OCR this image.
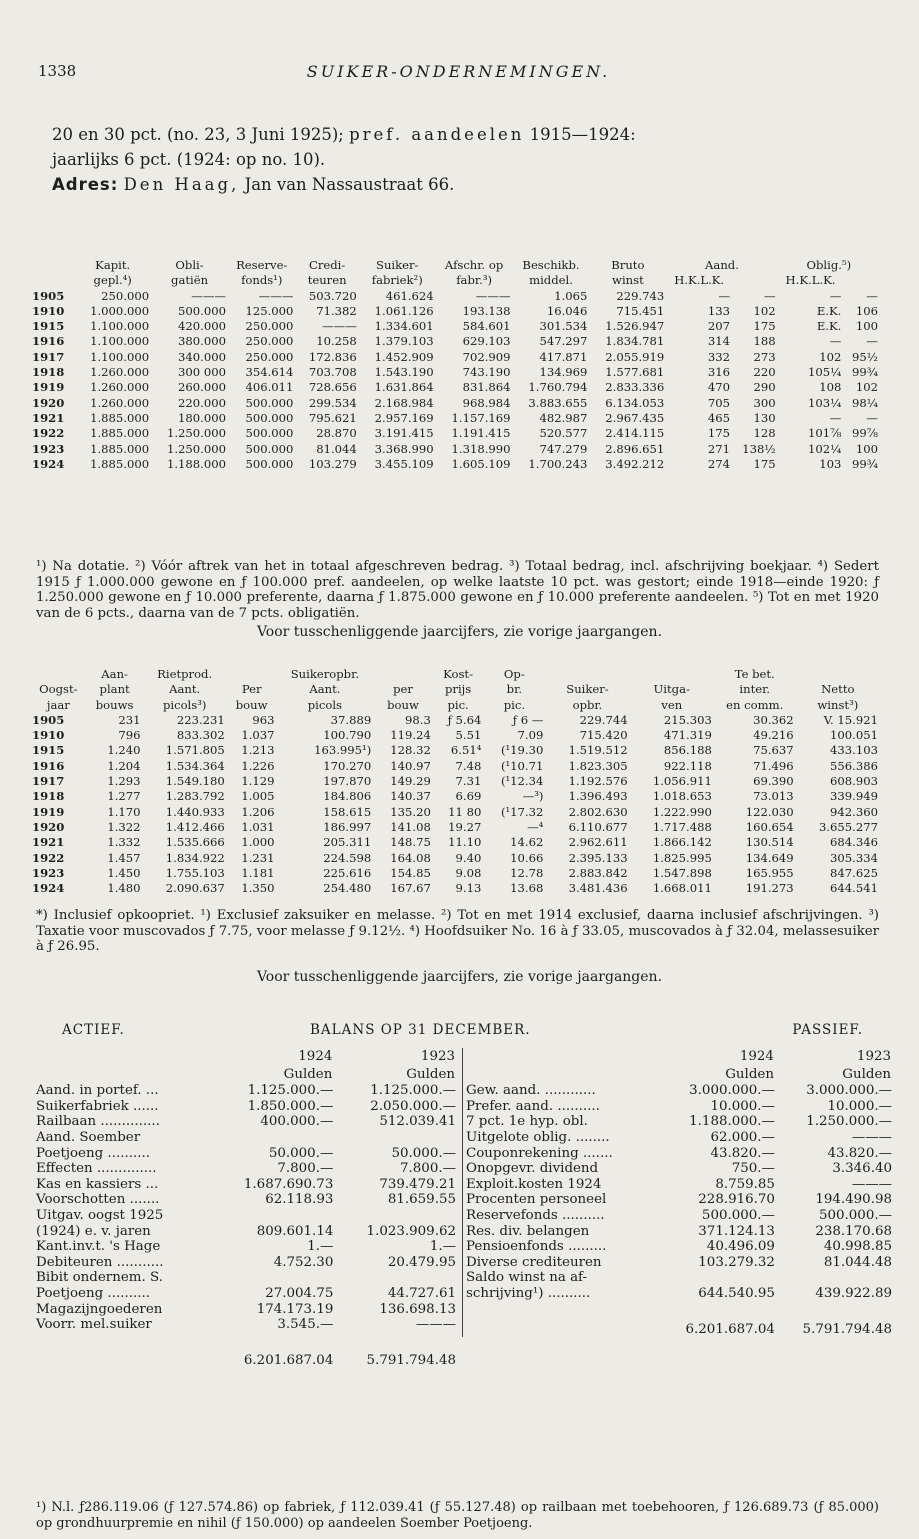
1338	SUIKER-ONDERNEMINGEN.
20 en 30 pct. (no. 23, 3 Juni 1925); pref. aandeelen 1915—1924:
jaarlijks 6 pct. (1924: op no. 10).
Adres: Den Haag, Jan van Nassaustraat 66.
	Kapit.	Obli-	Reserve-	Credi-	Suiker-	Afschr. op	Beschikb.	Bruto	Aand.		Oblig.⁵)	
	gepl.⁴)	gatiën	fonds¹)	teuren	fabriek²)	fabr.³)	middel.	winst	H.K.L.K.		H.K.L.K.	
1905	250.000	———	———	503.720	461.624	———	1.065	229.743	—	—	—	—
1910	1.000.000	500.000	125.000	71.382	1.061.126	193.138	16.046	715.451	133	102	E.K.	106
1915	1.100.000	420.000	250.000	———	1.334.601	584.601	301.534	1.526.947	207	175	E.K.	100
1916	1.100.000	380.000	250.000	10.258	1.379.103	629.103	547.297	1.834.781	314	188	—	—
1917	1.100.000	340.000	250.000	172.836	1.452.909	702.909	417.871	2.055.919	332	273	102	95½
1918	1.260.000	300 000	354.614	703.708	1.543.190	743.190	134.969	1.577.681	316	220	105¼	99¾
1919	1.260.000	260.000	406.011	728.656	1.631.864	831.864	1.760.794	2.833.336	470	290	108	102
1920	1.260.000	220.000	500.000	299.534	2.168.984	968.984	3.883.655	6.134.053	705	300	103¼	98¼
1921	1.885.000	180.000	500.000	795.621	2.957.169	1.157.169	482.987	2.967.435	465	130	—	—
1922	1.885.000	1.250.000	500.000	28.870	3.191.415	1.191.415	520.577	2.414.115	175	128	101⅞	99⅞
1923	1.885.000	1.250.000	500.000	81.044	3.368.990	1.318.990	747.279	2.896.651	271	138½	102¼	100
1924	1.885.000	1.188.000	500.000	103.279	3.455.109	1.605.109	1.700.243	3.492.212	274	175	103	99¾
¹) Na dotatie. ²) Vóór aftrek van het in totaal afgeschreven bedrag. ³) Totaal bedrag, incl. afschrijving boekjaar. ⁴) Sedert 1915 ƒ 1.000.000 gewone en ƒ 100.000 pref. aandeelen, op welke laatste 10 pct. was gestort; einde 1918—einde 1920: ƒ 1.250.000 gewone en ƒ 10.000 preferente, daarna ƒ 1.875.000 gewone en ƒ 10.000 preferente aandeelen. ⁵) Tot en met 1920 van de 6 pcts., daarna van de 7 pcts. obligatiën.
Voor tusschenliggende jaarcijfers, zie vorige jaargangen.
	Aan-	Rietprod.		Suikeropbr.		Kost-	Op-			Te bet.	
Oogst-	plant	Aant.	Per	Aant.	per	prijs	br.	Suiker-	Uitga-	inter.	Netto
jaar	bouws	picols³)	bouw	picols	bouw	pic.	pic.	opbr.	ven	en comm.	winst³)
1905	231	223.231	963	37.889	98.3	ƒ 5.64	ƒ 6 —	229.744	215.303	30.362	V. 15.921
1910	796	833.302	1.037	100.790	119.24	5.51	7.09	715.420	471.319	49.216	100.051
1915	1.240	1.571.805	1.213	163.995¹)	128.32	6.51⁴	(¹19.30	1.519.512	856.188	75.637	433.103
1916	1.204	1.534.364	1.226	170.270	140.97	7.48	(¹10.71	1.823.305	922.118	71.496	556.386
1917	1.293	1.549.180	1.129	197.870	149.29	7.31	(¹12.34	1.192.576	1.056.911	69.390	608.903
1918	1.277	1.283.792	1.005	184.806	140.37	6.69	—³)	1.396.493	1.018.653	73.013	339.949
1919	1.170	1.440.933	1.206	158.615	135.20	11 80	(¹17.32	2.802.630	1.222.990	122.030	942.360
1920	1.322	1.412.466	1.031	186.997	141.08	19.27	—⁴	6.110.677	1.717.488	160.654	3.655.277
1921	1.332	1.535.666	1.000	205.311	148.75	11.10	14.62	2.962.611	1.866.142	130.514	684.346
1922	1.457	1.834.922	1.231	224.598	164.08	9.40	10.66	2.395.133	1.825.995	134.649	305.334
1923	1.450	1.755.103	1.181	225.616	154.85	9.08	12.78	2.883.842	1.547.898	165.955	847.625
1924	1.480	2.090.637	1.350	254.480	167.67	9.13	13.68	3.481.436	1.668.011	191.273	644.541
*) Inclusief opkoopriet. ¹) Exclusief zaksuiker en melasse. ²) Tot en met 1914 exclusief, daarna inclusief afschrijvingen. ³) Taxatie voor muscovados ƒ 7.75, voor melasse ƒ 9.12½. ⁴) Hoofdsuiker No. 16 à ƒ 33.05, muscovados à ƒ 32.04, melassesuiker à ƒ 26.95.
Voor tusschenliggende jaarcijfers, zie vorige jaargangen.
ACTIEF.	BALANS OP 31 DECEMBER.	PASSIEF.
	1924	1923
	Gulden	Gulden
Aand. in portef. ...	1.125.000.—	1.125.000.—
Suikerfabriek ......	1.850.000.—	2.050.000.—
Railbaan ..............	400.000.—	512.039.41
Aand. Soember		
Poetjoeng ..........	50.000.—	50.000.—
Effecten ..............	7.800.—	7.800.—
Kas en kassiers ...	1.687.690.73	739.479.21
Voorschotten .......	62.118.93	81.659.55
Uitgav. oogst 1925		
(1924) e. v. jaren	809.601.14	1.023.909.62
Kant.inv.t. 's Hage	1.—	1.—
Debiteuren ...........	4.752.30	20.479.95
Bibit ondernem. S.		
Poetjoeng ..........	27.004.75	44.727.61
Magazijngoederen	174.173.19	136.698.13
Voorr. mel.suiker	3.545.—	———
	6.201.687.04	5.791.794.48
	1924	1923
	Gulden	Gulden
Gew. aand. ............	3.000.000.—	3.000.000.—
Prefer. aand. ..........	10.000.—	10.000.—
7 pct. 1e hyp. obl.	1.188.000.—	1.250.000.—
Uitgelote oblig. ........	62.000.—	———
Couponrekening .......	43.820.—	43.820.—
Onopgevr. dividend	750.—	3.346.40
Exploit.kosten 1924	8.759.85	———
Procenten personeel	228.916.70	194.490.98
Reservefonds ..........	500.000.—	500.000.—
Res. div. belangen	371.124.13	238.170.68
Pensioenfonds .........	40.496.09	40.998.85
Diverse crediteuren	103.279.32	81.044.48
Saldo winst na af-		
schrijving¹) ..........	644.540.95	439.922.89
	6.201.687.04	5.791.794.48
¹) N.l. ƒ286.119.06 (ƒ 127.574.86) op fabriek, ƒ 112.039.41 (ƒ 55.127.48) op railbaan met toebehooren, ƒ 126.689.73 (ƒ 85.000) op grondhuurpremie en nihil (ƒ 150.000) op aandeelen Soember Poetjoeng.
